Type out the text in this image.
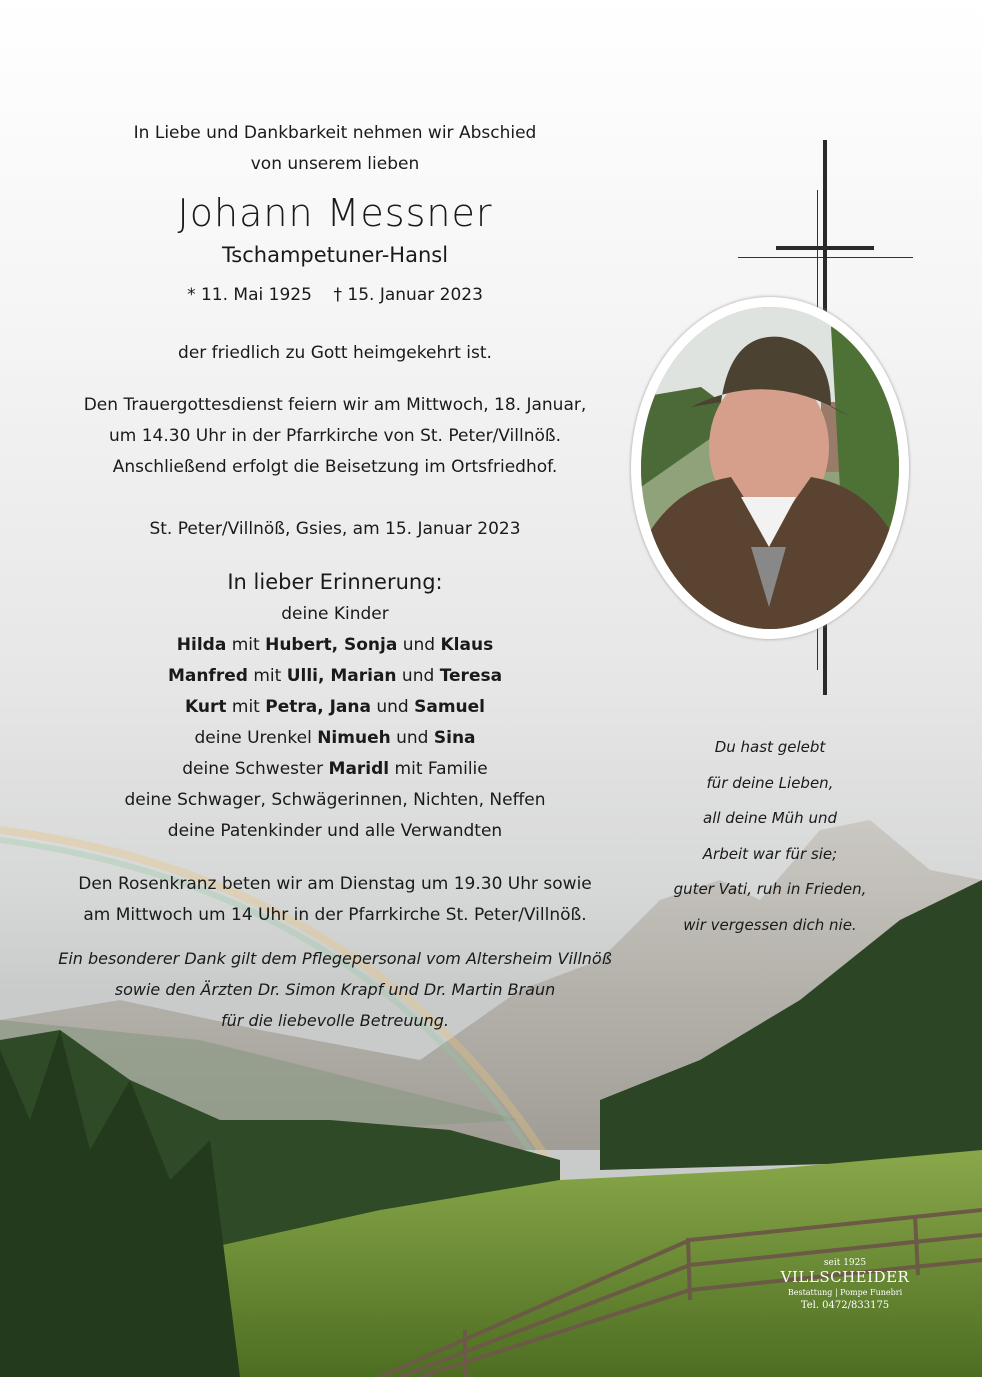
In Liebe und Dankbarkeit nehmen wir Abschied
von unserem lieben
Johann Messner
Tschampetuner-Hansl
* 11. Mai 1925    † 15. Januar 2023
der friedlich zu Gott heimgekehrt ist.
Den Trauergottesdienst feiern wir am Mittwoch, 18. Januar,
um 14.30 Uhr in der Pfarrkirche von St. Peter/Villnöß.
Anschließend erfolgt die Beisetzung im Ortsfriedhof.
St. Peter/Villnöß, Gsies, am 15. Januar 2023
In lieber Erinnerung:
deine Kinder
Hilda mit Hubert, Sonja und Klaus
Manfred mit Ulli, Marian und Teresa
Kurt mit Petra, Jana und Samuel
deine Urenkel Nimueh und Sina
deine Schwester Maridl mit Familie
deine Schwager, Schwägerinnen, Nichten, Neffen
deine Patenkinder und alle Verwandten
Den Rosenkranz beten wir am Dienstag um 19.30 Uhr sowie
am Mittwoch um 14 Uhr in der Pfarrkirche St. Peter/Villnöß.
Ein besonderer Dank gilt dem Pflegepersonal vom Altersheim Villnöß
sowie den Ärzten Dr. Simon Krapf und Dr. Martin Braun
für die liebevolle Betreuung.
Du hast gelebt
für deine Lieben,
all deine Müh und
Arbeit war für sie;
guter Vati, ruh in Frieden,
wir vergessen dich nie.
seit 1925
VILLSCHEIDER
Bestattung | Pompe Funebri
Tel. 0472/833175
